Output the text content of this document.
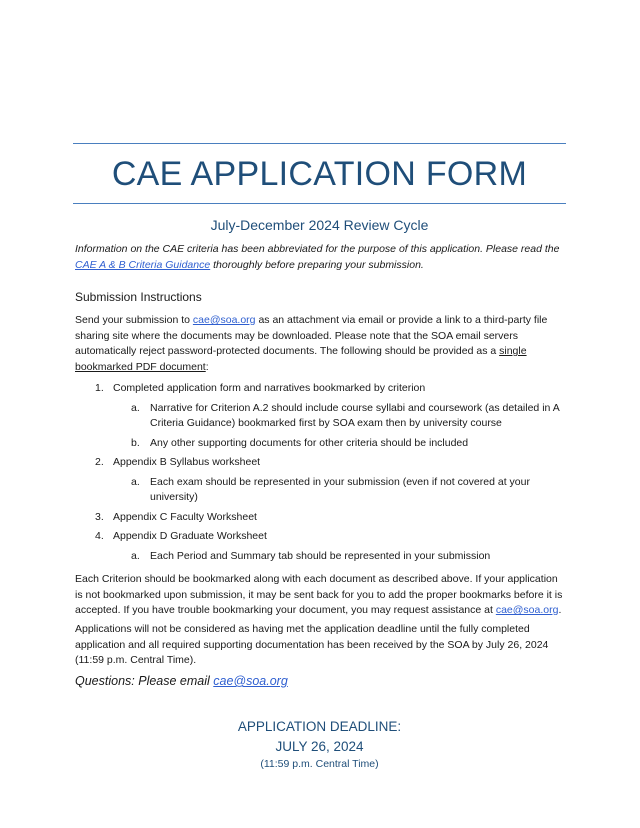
CAE APPLICATION FORM
July-December 2024 Review Cycle
Information on the CAE criteria has been abbreviated for the purpose of this application. Please read the CAE A & B Criteria Guidance thoroughly before preparing your submission.
Submission Instructions
Send your submission to cae@soa.org as an attachment via email or provide a link to a third-party file sharing site where the documents may be downloaded. Please note that the SOA email servers automatically reject password-protected documents. The following should be provided as a single bookmarked PDF document:
1. Completed application form and narratives bookmarked by criterion
a. Narrative for Criterion A.2 should include course syllabi and coursework (as detailed in A Criteria Guidance) bookmarked first by SOA exam then by university course
b. Any other supporting documents for other criteria should be included
2. Appendix B Syllabus worksheet
a. Each exam should be represented in your submission (even if not covered at your university)
3. Appendix C Faculty Worksheet
4. Appendix D Graduate Worksheet
a. Each Period and Summary tab should be represented in your submission
Each Criterion should be bookmarked along with each document as described above. If your application is not bookmarked upon submission, it may be sent back for you to add the proper bookmarks before it is accepted. If you have trouble bookmarking your document, you may request assistance at cae@soa.org.
Applications will not be considered as having met the application deadline until the fully completed application and all required supporting documentation has been received by the SOA by July 26, 2024 (11:59 p.m. Central Time).
Questions: Please email cae@soa.org
APPLICATION DEADLINE:
JULY 26, 2024
(11:59 p.m. Central Time)
